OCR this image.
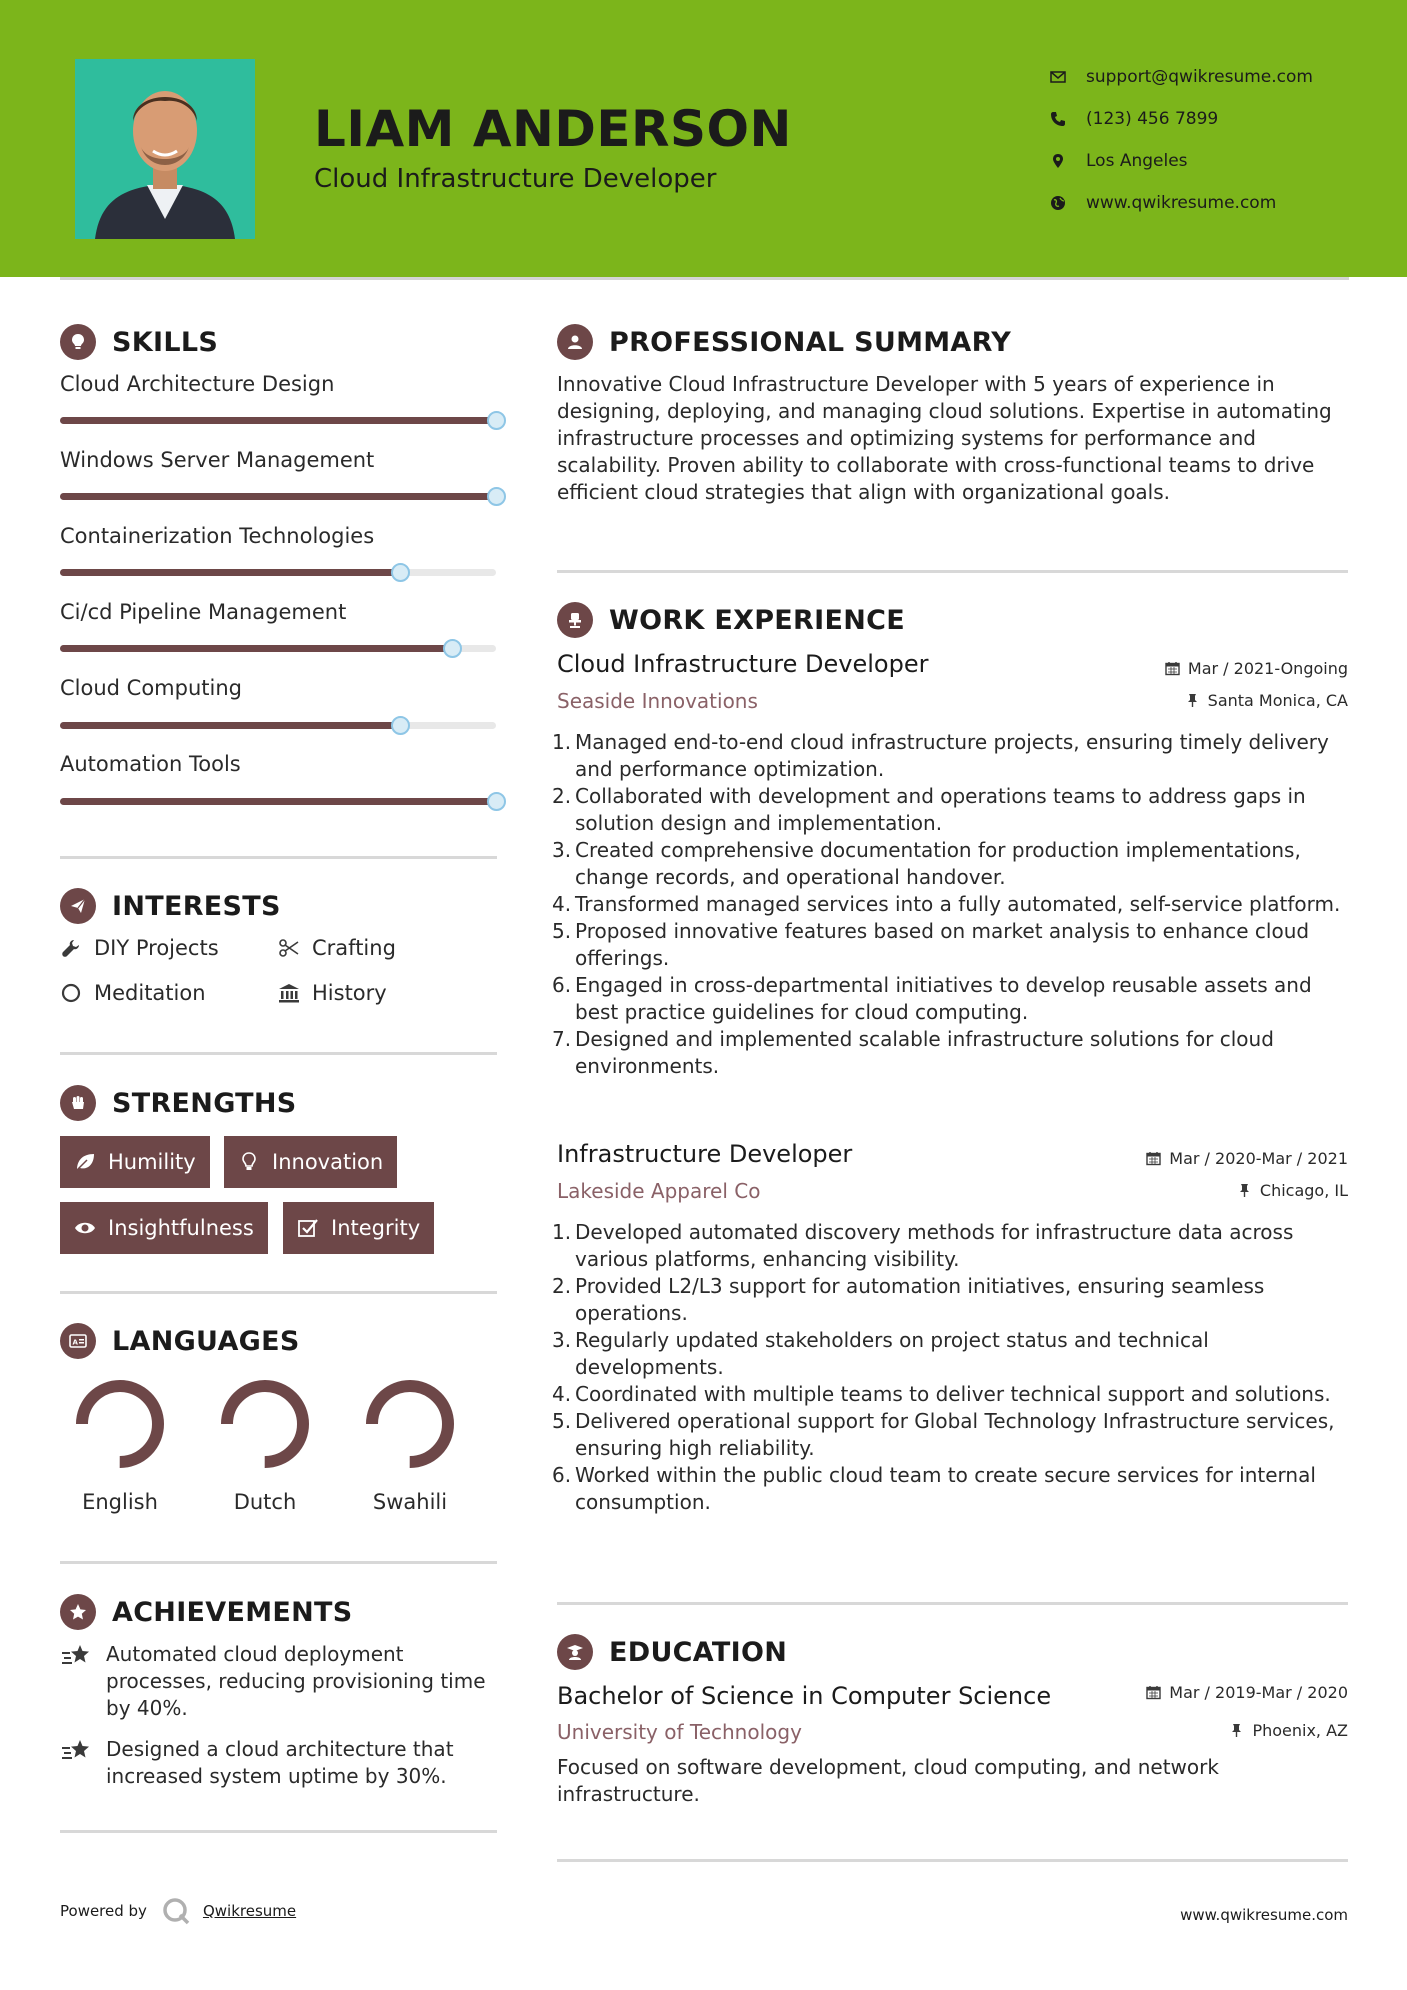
LIAM ANDERSON
Cloud Infrastructure Developer
support@qwikresume.com
(123) 456 7899
Los Angeles
www.qwikresume.com
SKILLS
Cloud Architecture Design
Windows Server Management
Containerization Technologies
Ci/cd Pipeline Management
Cloud Computing
Automation Tools
INTERESTS
DIY Projects	Crafting
Meditation	History
STRENGTHS
Humility	Innovation
Insightfulness	Integrity
A LANGUAGES
English	Dutch	Swahili
ACHIEVEMENTS
Automated cloud deployment processes, reducing provisioning time by 40%.
Designed a cloud architecture that increased system uptime by 30%.
PROFESSIONAL SUMMARY
Innovative Cloud Infrastructure Developer with 5 years of experience in designing, deploying, and managing cloud solutions. Expertise in automating infrastructure processes and optimizing systems for performance and scalability. Proven ability to collaborate with cross-functional teams to drive efficient cloud strategies that align with organizational goals.
WORK EXPERIENCE
Cloud Infrastructure Developer	Mar / 2021-Ongoing
Seaside Innovations	Santa Monica, CA
1. Managed end-to-end cloud infrastructure projects, ensuring timely delivery and performance optimization.
2. Collaborated with development and operations teams to address gaps in solution design and implementation.
3. Created comprehensive documentation for production implementations, change records, and operational handover.
4. Transformed managed services into a fully automated, self-service platform.
5. Proposed innovative features based on market analysis to enhance cloud offerings.
6. Engaged in cross-departmental initiatives to develop reusable assets and best practice guidelines for cloud computing.
7. Designed and implemented scalable infrastructure solutions for cloud environments.
Infrastructure Developer	Mar / 2020-Mar / 2021
Lakeside Apparel Co	Chicago, IL
1. Developed automated discovery methods for infrastructure data across various platforms, enhancing visibility.
2. Provided L2/L3 support for automation initiatives, ensuring seamless operations.
3. Regularly updated stakeholders on project status and technical developments.
4. Coordinated with multiple teams to deliver technical support and solutions.
5. Delivered operational support for Global Technology Infrastructure services, ensuring high reliability.
6. Worked within the public cloud team to create secure services for internal consumption.
EDUCATION
Bachelor of Science in Computer Science	Mar / 2019-Mar / 2020
University of Technology	Phoenix, AZ
Focused on software development, cloud computing, and network infrastructure.
Powered by	Qwikresume	www.qwikresume.com
